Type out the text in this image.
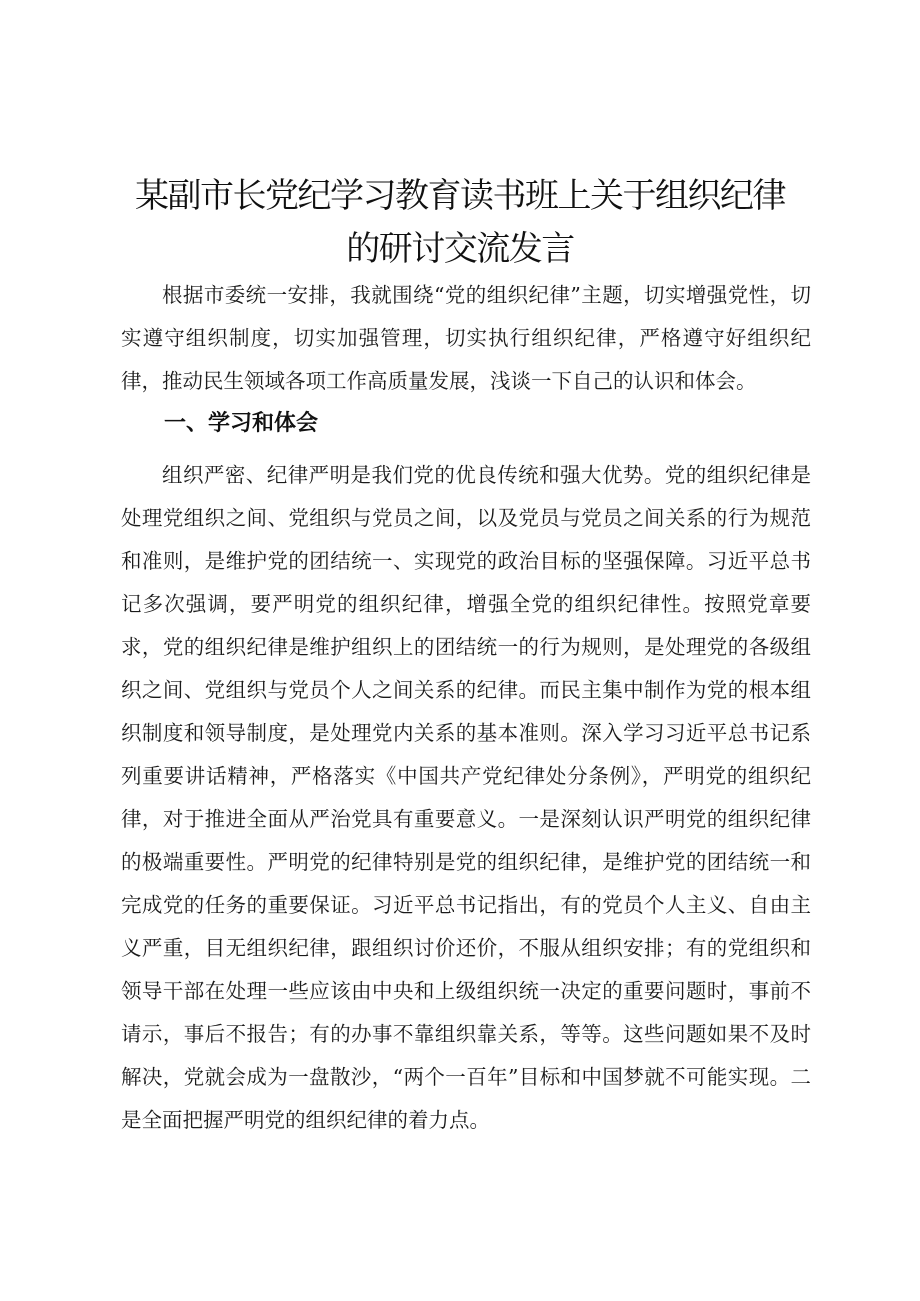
某副市长党纪学习教育读书班上关于组织纪律
的研讨交流发言

根据市委统一安排，我就围绕“党的组织纪律”主题，切实增强党性，切实遵守组织制度，切实加强管理，切实执行组织纪律，严格遵守好组织纪律，推动民生领域各项工作高质量发展，浅谈一下自己的认识和体会。

一、学习和体会

组织严密、纪律严明是我们党的优良传统和强大优势。党的组织纪律是处理党组织之间、党组织与党员之间，以及党员与党员之间关系的行为规范和准则，是维护党的团结统一、实现党的政治目标的坚强保障。习近平总书记多次强调，要严明党的组织纪律，增强全党的组织纪律性。按照党章要求，党的组织纪律是维护组织上的团结统一的行为规则，是处理党的各级组织之间、党组织与党员个人之间关系的纪律。而民主集中制作为党的根本组织制度和领导制度，是处理党内关系的基本准则。深入学习习近平总书记系列重要讲话精神，严格落实《中国共产党纪律处分条例》，严明党的组织纪律，对于推进全面从严治党具有重要意义。一是深刻认识严明党的组织纪律的极端重要性。严明党的纪律特别是党的组织纪律，是维护党的团结统一和完成党的任务的重要保证。习近平总书记指出，有的党员个人主义、自由主义严重，目无组织纪律，跟组织讨价还价，不服从组织安排；有的党组织和领导干部在处理一些应该由中央和上级组织统一决定的重要问题时，事前不请示，事后不报告；有的办事不靠组织靠关系，等等。这些问题如果不及时解决，党就会成为一盘散沙，“两个一百年”目标和中国梦就不可能实现。二是全面把握严明党的组织纪律的着力点。
